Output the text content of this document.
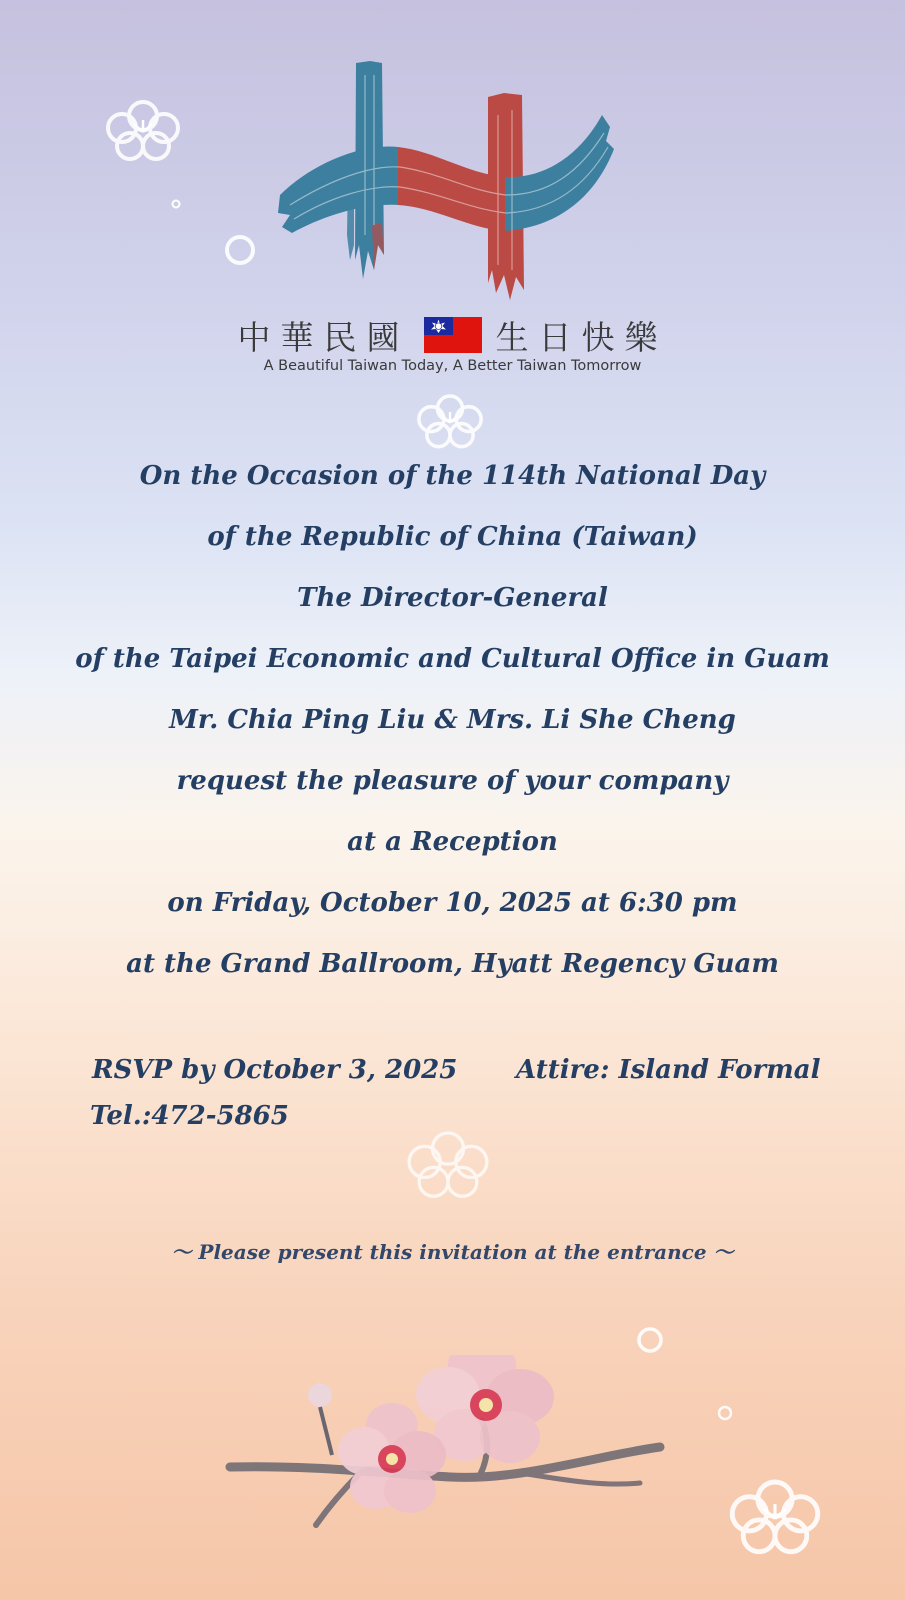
中華民國	生日快樂
A Beautiful Taiwan Today, A Better Taiwan Tomorrow
On the Occasion of the 114th National Day
of the Republic of China (Taiwan)
The Director-General
of the Taipei Economic and Cultural Office in Guam
Mr. Chia Ping Liu & Mrs. Li She Cheng
request the pleasure of your company
at a Reception
on Friday, October 10, 2025 at 6:30 pm
at the Grand Ballroom, Hyatt Regency Guam
RSVP by October 3, 2025 Attire: Island Formal
Tel.:472-5865
～ Please present this invitation at the entrance ～
